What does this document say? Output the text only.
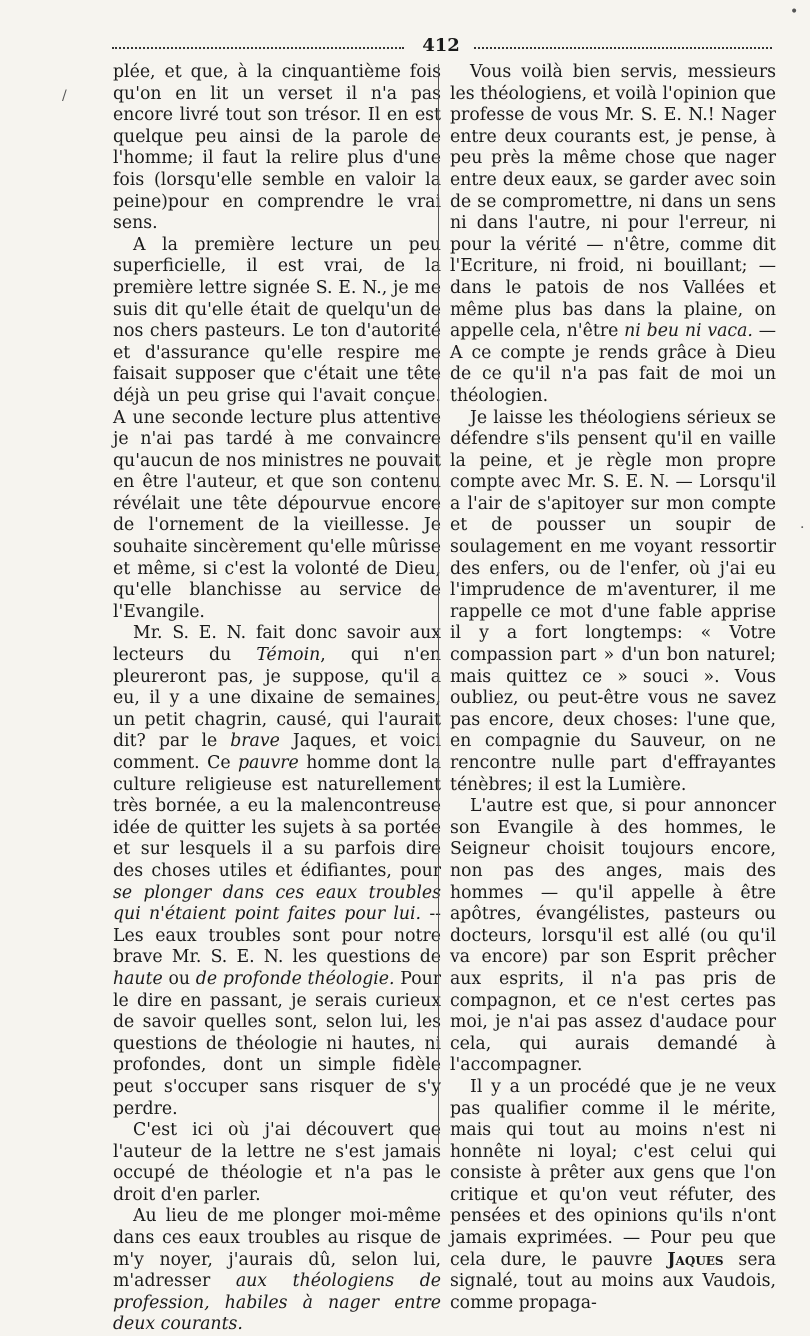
412

plée, et que, à la cinquantième fois qu'on en lit un verset il n'a pas encore livré tout son trésor. Il en est quelque peu ainsi de la parole de l'homme; il faut la relire plus d'une fois (lorsqu'elle semble en valoir la peine)pour en comprendre le vrai sens.

A la première lecture un peu superficielle, il est vrai, de la première lettre signée S. E. N., je me suis dit qu'elle était de quelqu'un de nos chers pasteurs. Le ton d'autorité et d'assurance qu'elle respire me faisait supposer que c'était une tête déjà un peu grise qui l'avait conçue. A une seconde lecture plus attentive je n'ai pas tardé à me convaincre qu'aucun de nos ministres ne pouvait en être l'auteur, et que son contenu révélait une tête dépourvue encore de l'ornement de la vieillesse. Je souhaite sincèrement qu'elle mûrisse et même, si c'est la volonté de Dieu, qu'elle blanchisse au service de l'Evangile.

Mr. S. E. N. fait donc savoir aux lecteurs du Témoin, qui n'en pleureront pas, je suppose, qu'il a eu, il y a une dixaine de semaines, un petit chagrin, causé, qui l'aurait dit? par le brave Jaques, et voici comment. Ce pauvre homme dont la culture religieuse est naturellement très bornée, a eu la malencontreuse idée de quitter les sujets à sa portée et sur lesquels il a su parfois dire des choses utiles et édifiantes, pour se plonger dans ces eaux troubles qui n'étaient point faites pour lui. -- Les eaux troubles sont pour notre brave Mr. S. E. N. les questions de haute ou de profonde théologie. Pour le dire en passant, je serais curieux de savoir quelles sont, selon lui, les questions de théologie ni hautes, ni profondes, dont un simple fidèle peut s'occuper sans risquer de s'y perdre.

C'est ici où j'ai découvert que l'auteur de la lettre ne s'est jamais occupé de théologie et n'a pas le droit d'en parler.

Au lieu de me plonger moi-même dans ces eaux troubles au risque de m'y noyer, j'aurais dû, selon lui, m'adresser aux théologiens de profession, habiles à nager entre deux courants.

Vous voilà bien servis, messieurs les théologiens, et voilà l'opinion que professe de vous Mr. S. E. N.! Nager entre deux courants est, je pense, à peu près la même chose que nager entre deux eaux, se garder avec soin de se compromettre, ni dans un sens ni dans l'autre, ni pour l'erreur, ni pour la vérité — n'être, comme dit l'Ecriture, ni froid, ni bouillant; — dans le patois de nos Vallées et même plus bas dans la plaine, on appelle cela, n'être ni beu ni vaca. — A ce compte je rends grâce à Dieu de ce qu'il n'a pas fait de moi un théologien.

Je laisse les théologiens sérieux se défendre s'ils pensent qu'il en vaille la peine, et je règle mon propre compte avec Mr. S. E. N. — Lorsqu'il a l'air de s'apitoyer sur mon compte et de pousser un soupir de soulagement en me voyant ressortir des enfers, ou de l'enfer, où j'ai eu l'imprudence de m'aventurer, il me rappelle ce mot d'une fable apprise il y a fort longtemps: « Votre compassion part » d'un bon naturel; mais quittez ce » souci ». Vous oubliez, ou peut-être vous ne savez pas encore, deux choses: l'une que, en compagnie du Sauveur, on ne rencontre nulle part d'effrayantes ténèbres; il est la Lumière.

L'autre est que, si pour annoncer son Evangile à des hommes, le Seigneur choisit toujours encore, non pas des anges, mais des hommes — qu'il appelle à être apôtres, évangélistes, pasteurs ou docteurs, lorsqu'il est allé (ou qu'il va encore) par son Esprit prêcher aux esprits, il n'a pas pris de compagnon, et ce n'est certes pas moi, je n'ai pas assez d'audace pour cela, qui aurais demandé à l'accompagner.

Il y a un procédé que je ne veux pas qualifier comme il le mérite, mais qui tout au moins n'est ni honnête ni loyal; c'est celui qui consiste à prêter aux gens que l'on critique et qu'on veut réfuter, des pensées et des opinions qu'ils n'ont jamais exprimées. — Pour peu que cela dure, le pauvre Jaques sera signalé, tout au moins aux Vaudois, comme propaga-

/
•
·
